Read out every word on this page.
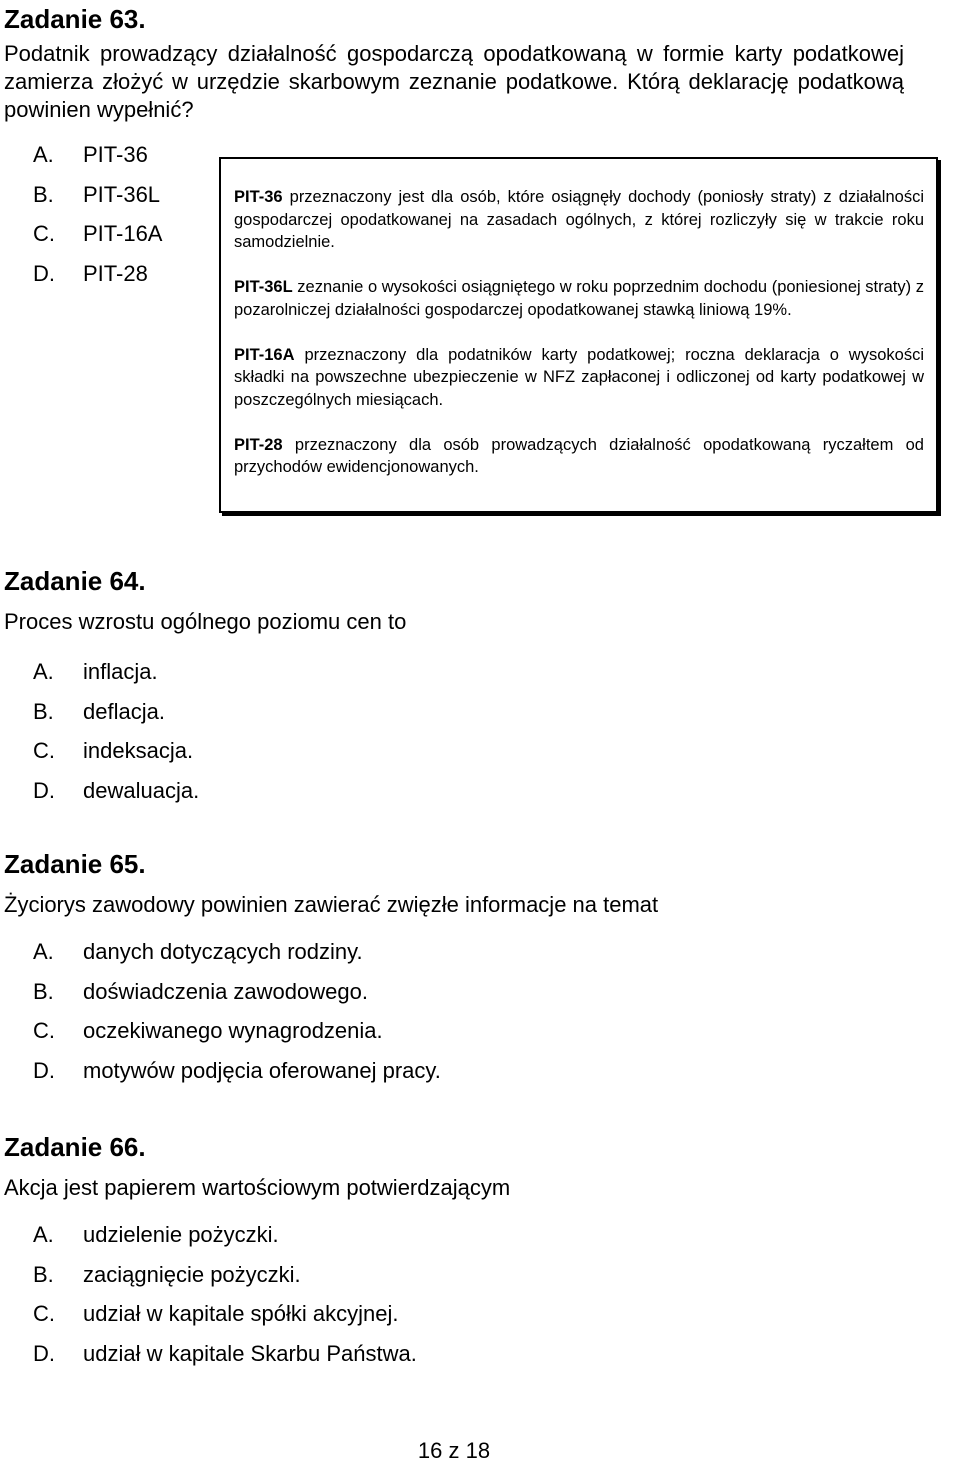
Zadanie 63.

Podatnik prowadzący działalność gospodarczą opodatkowaną w formie karty podatkowej zamierza złożyć w urzędzie skarbowym zeznanie podatkowe. Którą deklarację podatkową powinien wypełnić?

A. PIT-36
B. PIT-36L
C. PIT-16A
D. PIT-28

PIT-36 przeznaczony jest dla osób, które osiągnęły dochody (poniosły straty) z działalności gospodarczej opodatkowanej na zasadach ogólnych, z której rozliczyły się w trakcie roku samodzielnie.

PIT-36L zeznanie o wysokości osiągniętego w roku poprzednim dochodu (poniesionej straty) z pozarolniczej działalności gospodarczej opodatkowanej stawką liniową 19%.

PIT-16A przeznaczony dla podatników karty podatkowej; roczna deklaracja o wysokości składki na powszechne ubezpieczenie w NFZ zapłaconej i odliczonej od karty podatkowej w poszczególnych miesiącach.

PIT-28 przeznaczony dla osób prowadzących działalność opodatkowaną ryczałtem od przychodów ewidencjonowanych.

Zadanie 64.

Proces wzrostu ogólnego poziomu cen to

A. inflacja.
B. deflacja.
C. indeksacja.
D. dewaluacja.
Zadanie 65.

Życiorys zawodowy powinien zawierać zwięzłe informacje na temat

A. danych dotyczących rodziny.
B. doświadczenia zawodowego.
C. oczekiwanego wynagrodzenia.
D. motywów podjęcia oferowanej pracy.
Zadanie 66.

Akcja jest papierem wartościowym potwierdzającym

A. udzielenie pożyczki.
B. zaciągnięcie pożyczki.
C. udział w kapitale spółki akcyjnej.
D. udział w kapitale Skarbu Państwa.

16 z 18
